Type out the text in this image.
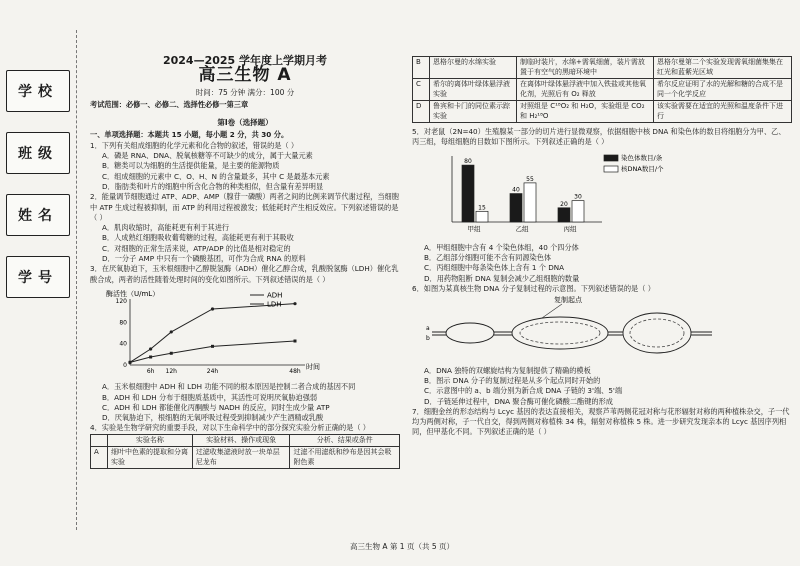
学校
班级
姓名
学号

2024—2025 学年度上学期月考

高三生物 A

时间：75 分钟 满分：100 分

考试范围：必修一、必修二、选择性必修一第三章

第Ⅰ卷（选择题）

一、单项选择题：本题共 15 小题，每小题 2 分，共 30 分。

1．下列有关组成细胞的化学元素和化合物的叙述，错误的是（ ）

A．磷是 RNA、DNA、脱氧核糖等不可缺少的成分，属于大量元素

B．糖类可以为细胞的生活提供能量，是主要的能源物质

C．组成细胞的元素中 C、O、H、N 的含量最多，其中 C 是最基本元素

D．脂肪类和叶片的细胞中所含化合物的种类相似，但含量有差异明显

2．能量调节细胞通过 ATP、ADP、AMP（腺苷一磷酸）两者之间的比例来调节代谢过程，当细胞中 ATP 生成过程被抑制，而 ATP 的利用过程被激发；低能耗时产生相反效应。下列叙述错误的是（ ）

A．肌肉收缩时，高能耗更有利于其进行

B．人成熟红细胞吸收葡萄糖的过程，高能耗更有利于其吸收

C．对细胞的正常生活来说，ATP/ADP 的比值是相对稳定的

D．一分子 AMP 中只有一个磷酸基团，可作为合成 RNA 的原料

3．在厌氧胁迫下，玉米根细胞中乙醇脱氢酶（ADH）催化乙醇合成，乳酸脱氢酶（LDH）催化乳酸合成，两者的活性随着处理时间的变化如图所示。下列叙述错误的是（ ）

酶活性（U/mL）
时间
0
40
80
120
6h 12h	24h	48h
ADH
LDH

A．玉米根细胞中 ADH 和 LDH 功能不同的根本原因是控制二者合成的基因不同

B．ADH 和 LDH 分布于细胞质基质中，其活性可说明厌氧胁迫强弱

C．ADH 和 LDH 都能催化丙酮酸与 NADH 的反应，同时生成少量 ATP

D．厌氧胁迫下，根细胞的无氧呼吸过程受到抑制减少产生酒精或乳酸

4．实验是生物学研究的重要手段，对以下生命科学中的部分探究实验分析正确的是（ ）

	实验名称	实验材料、操作或现象	分析、结果或条件
A	细叶中色素的提取和分离实验	过滤收集滤液时放一块单层尼龙布	过滤不用滤纸和纱布是因其会吸附色素
B	恩格尔曼的水绵实验	制临时装片，水绵+需氧细菌，装片需放置于有空气的黑暗环境中	恩格尔曼第二个实验发现需氧细菌集集在红光和蓝紫光区域
C	希尔的离体叶绿体悬浮液实验	在离体叶绿体悬浮液中加入铁盐或其他氧化剂，光照后有 O₂ 释放	希尔反应证明了水的光解和糖的合成不是同一个化学反应
D	鲁宾和卡门的同位素示踪实验	对照组是 C¹⁸O₂ 和 H₂O，实验组是 CO₂ 和 H₂¹⁸O	该实验需要在适宜的光照和温度条件下进行

5．对老鼠（2N=40）生殖腺某一部分的切片进行显微观察，依据细胞中核 DNA 和染色体的数目将细胞分为甲、乙、丙三组，每组细胞的目数如下图所示。下列叙述正确的是（ ）

80
15
甲组
40
55
乙组
20
30
丙组
染色体数目/条
核DNA数目/个

A．甲组细胞中含有 4 个染色体组，40 个四分体

B．乙组部分细胞可能不含有同源染色体

C．丙组细胞中每条染色体上含有 1 个 DNA

D．用药物阻断 DNA 复制会减少乙组细胞的数量

6．如图为某真核生物 DNA 分子复制过程的示意图。下列叙述错误的是（ ）

复制起点
a
b

A．DNA 独特的双螺旋结构为复制提供了精确的模板

B．图示 DNA 分子的复制过程是从多个起点同时开始的

C．示意图中的 a、b 端分别为新合成 DNA 子链的 3'端、5'端

D．子链延伸过程中，DNA 聚合酶可催化磷酸二酯键的形成

7．细胞金丝的形态结构与 Lcyc 基因的表达直接相关，观察芦苇两侧花冠对称与花形辐射对称的两种植株杂交，子一代均为两侧对称，子一代自交，得到两侧对称植株 34 株，辐射对称植株 5 株。进一步研究发现亲本的 Lcyc 基因序列相同，但甲基化不同。下列叙述正确的是（ ）

高三生物 A 第 1 页（共 5 页）
